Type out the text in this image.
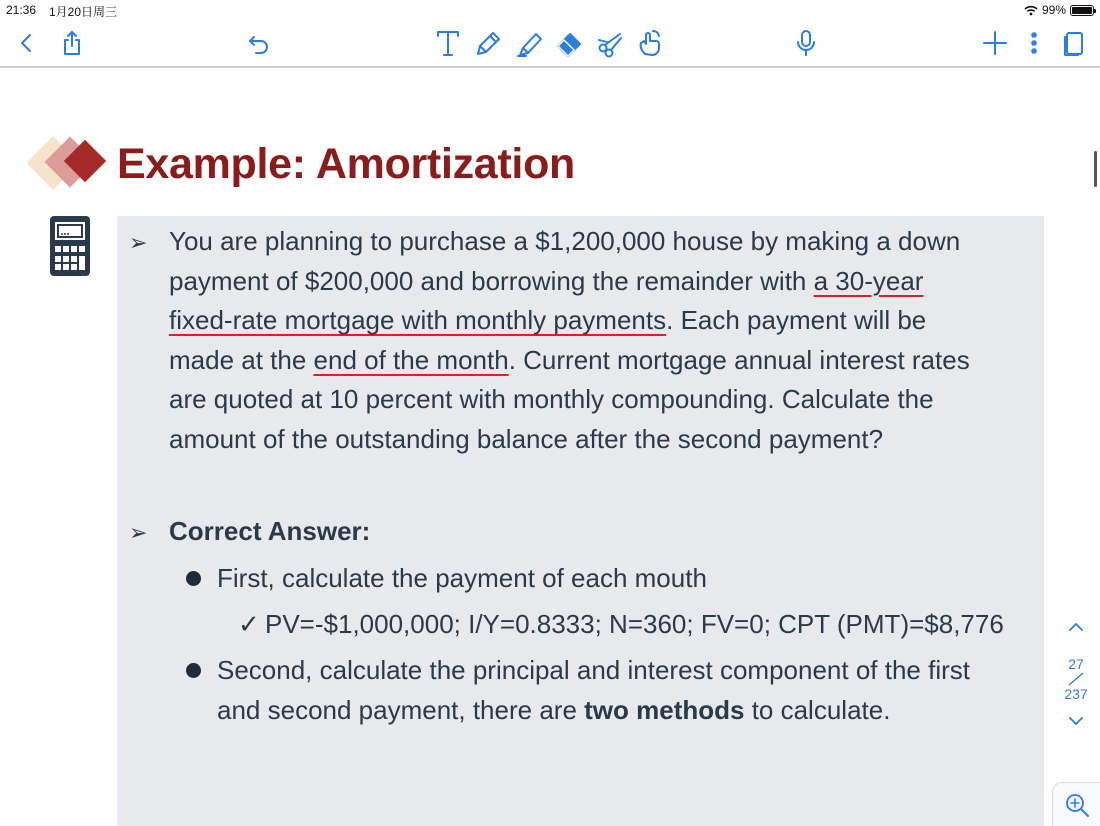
21:36 1月20日周三	99%
Example: Amortization
➢ You are planning to purchase a $1,200,000 house by making a down
payment of $200,000 and borrowing the remainder with a 30-year
fixed-rate mortgage with monthly payments. Each payment will be
made at the end of the month. Current mortgage annual interest rates
are quoted at 10 percent with monthly compounding. Calculate the
amount of the outstanding balance after the second payment?
➢ Correct Answer:
First, calculate the payment of each mouth
✓ PV=-$1,000,000; I/Y=0.8333; N=360; FV=0; CPT (PMT)=$8,776
Second, calculate the principal and interest component of the first
and second payment, there are two methods to calculate.
27
237
